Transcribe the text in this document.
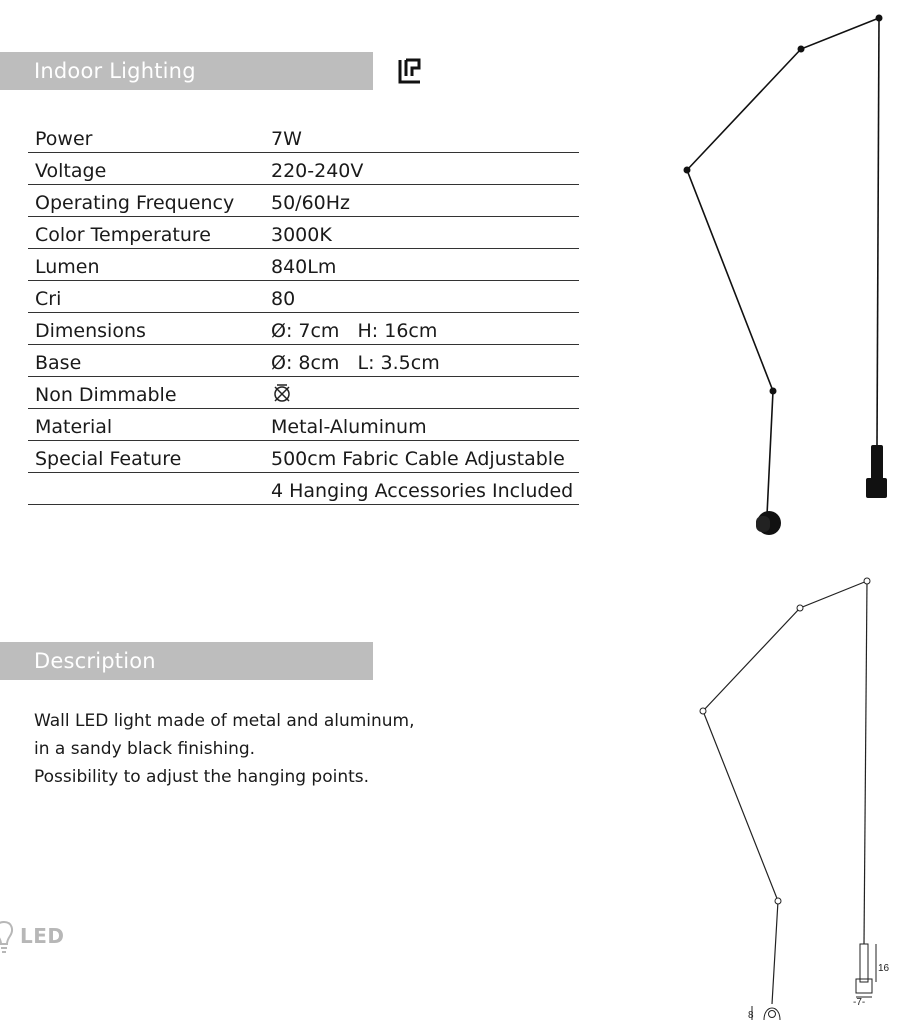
Indoor Lighting
Power	7W
Voltage	220-240V
Operating Frequency	50/60Hz
Color Temperature	3000K
Lumen	840Lm
Cri	80
Dimensions	Ø: 7cm H: 16cm
Base	Ø: 8cm L: 3.5cm
Non Dimmable	
Material	Metal-Aluminum
Special Feature	500cm Fabric Cable Adjustable
	4 Hanging Accessories Included
Description

Wall LED light made of metal and aluminum,

in a sandy black finishing.

Possibility to adjust the hanging points.

LED
16
-7-
8
